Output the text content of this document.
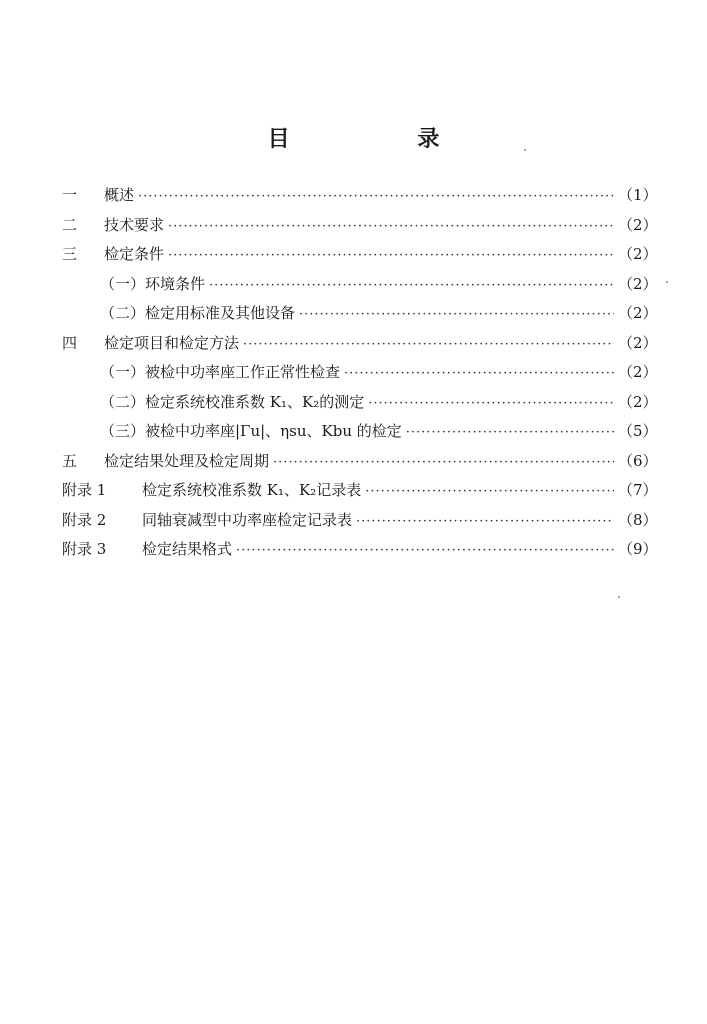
目 录
一	概述 ·····	（1）
二	技术要求 ·····	（2）
三	检定条件 ·····	（2）
（一）环境条件 ·····	（2）
（二）检定用标准及其他设备 ·····	（2）
四	检定项目和检定方法 ·····	（2）
（一）被检中功率座工作正常性检查 ·····	（2）
（二）检定系统校准系数 K₁、K₂的测定 ·····	（2）
（三）被检中功率座|Γu|、ηsu、Kbu 的检定 ·····	（5）
五	检定结果处理及检定周期 ·····	（6）
附录 1	检定系统校准系数 K₁、K₂记录表 ·····	（7）
附录 2	同轴衰减型中功率座检定记录表 ·····	（8）
附录 3	检定结果格式 ·····	（9）
